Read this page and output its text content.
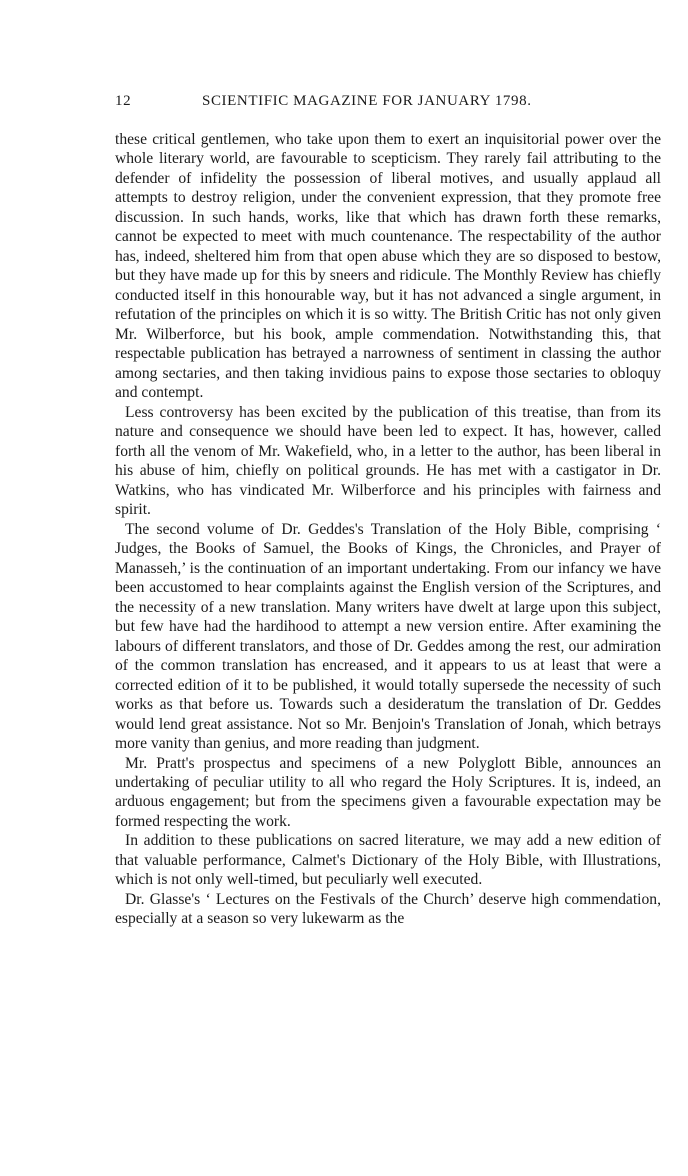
12	SCIENTIFIC MAGAZINE FOR JANUARY 1798.

these critical gentlemen, who take upon them to exert an inquisitorial power over the whole literary world, are favourable to scepticism. They rarely fail attributing to the defender of infidelity the possession of liberal motives, and usually applaud all attempts to destroy religion, under the convenient expression, that they promote free discussion. In such hands, works, like that which has drawn forth these remarks, cannot be expected to meet with much countenance. The respectability of the author has, indeed, sheltered him from that open abuse which they are so disposed to bestow, but they have made up for this by sneers and ridicule. The Monthly Review has chiefly conducted itself in this honourable way, but it has not advanced a single argument, in refutation of the principles on which it is so witty. The British Critic has not only given Mr. Wilberforce, but his book, ample commendation. Notwithstanding this, that respectable publication has betrayed a narrowness of sentiment in classing the author among sectaries, and then taking invidious pains to expose those sectaries to obloquy and contempt.

Less controversy has been excited by the publication of this treatise, than from its nature and consequence we should have been led to expect. It has, however, called forth all the venom of Mr. Wakefield, who, in a letter to the author, has been liberal in his abuse of him, chiefly on political grounds. He has met with a castigator in Dr. Watkins, who has vindicated Mr. Wilberforce and his principles with fairness and spirit.

The second volume of Dr. Geddes's Translation of the Holy Bible, comprising ‘ Judges, the Books of Samuel, the Books of Kings, the Chronicles, and Prayer of Manasseh,’ is the continuation of an important undertaking. From our infancy we have been accustomed to hear complaints against the English version of the Scriptures, and the necessity of a new translation. Many writers have dwelt at large upon this subject, but few have had the hardihood to attempt a new version entire. After examining the labours of different translators, and those of Dr. Geddes among the rest, our admiration of the common translation has encreased, and it appears to us at least that were a corrected edition of it to be published, it would totally supersede the necessity of such works as that before us. Towards such a desideratum the translation of Dr. Geddes would lend great assistance. Not so Mr. Benjoin's Translation of Jonah, which betrays more vanity than genius, and more reading than judgment.

Mr. Pratt's prospectus and specimens of a new Polyglott Bible, announces an undertaking of peculiar utility to all who regard the Holy Scriptures. It is, indeed, an arduous engagement; but from the specimens given a favourable expectation may be formed respecting the work.

In addition to these publications on sacred literature, we may add a new edition of that valuable performance, Calmet's Dictionary of the Holy Bible, with Illustrations, which is not only well-timed, but peculiarly well executed.

Dr. Glasse's ‘ Lectures on the Festivals of the Church’ deserve high commendation, especially at a season so very lukewarm as the
